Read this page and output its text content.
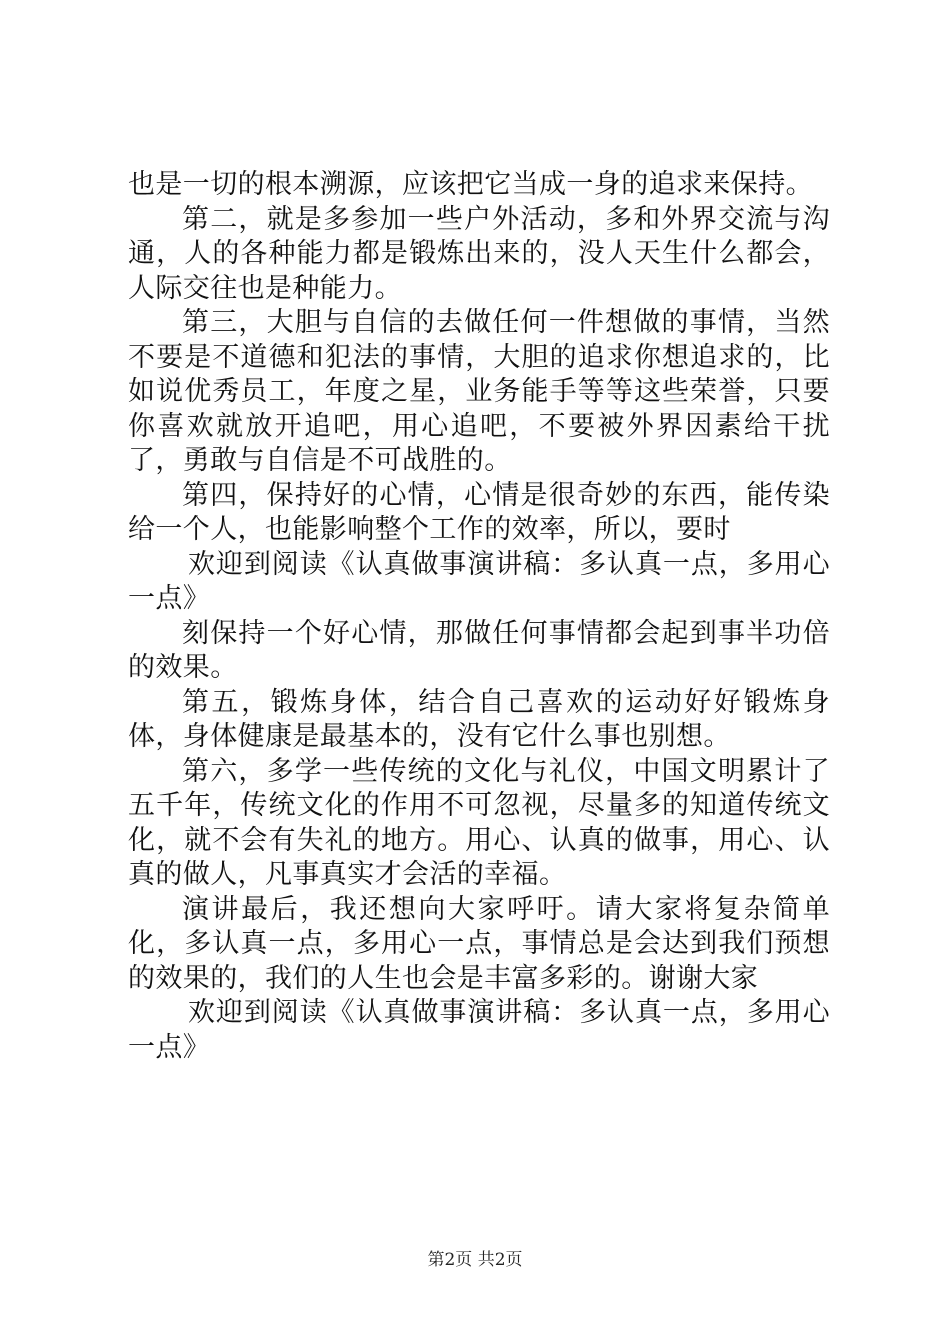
也是一切的根本溯源，应该把它当成一身的追求来保持。

第二，就是多参加一些户外活动，多和外界交流与沟通，人的各种能力都是锻炼出来的，没人天生什么都会，人际交往也是种能力。

第三，大胆与自信的去做任何一件想做的事情，当然不要是不道德和犯法的事情，大胆的追求你想追求的，比如说优秀员工，年度之星，业务能手等等这些荣誉，只要你喜欢就放开追吧，用心追吧，不要被外界因素给干扰了，勇敢与自信是不可战胜的。

第四，保持好的心情，心情是很奇妙的东西，能传染给一个人，也能影响整个工作的效率，所以，要时

欢迎到阅读《认真做事演讲稿：多认真一点，多用心一点》

刻保持一个好心情，那做任何事情都会起到事半功倍的效果。

第五，锻炼身体，结合自己喜欢的运动好好锻炼身体，身体健康是最基本的，没有它什么事也别想。

第六，多学一些传统的文化与礼仪，中国文明累计了五千年，传统文化的作用不可忽视，尽量多的知道传统文化，就不会有失礼的地方。用心、认真的做事，用心、认真的做人，凡事真实才会活的幸福。

演讲最后，我还想向大家呼吁。请大家将复杂简单化，多认真一点，多用心一点，事情总是会达到我们预想的效果的，我们的人生也会是丰富多彩的。谢谢大家

欢迎到阅读《认真做事演讲稿：多认真一点，多用心一点》

第2页 共2页
